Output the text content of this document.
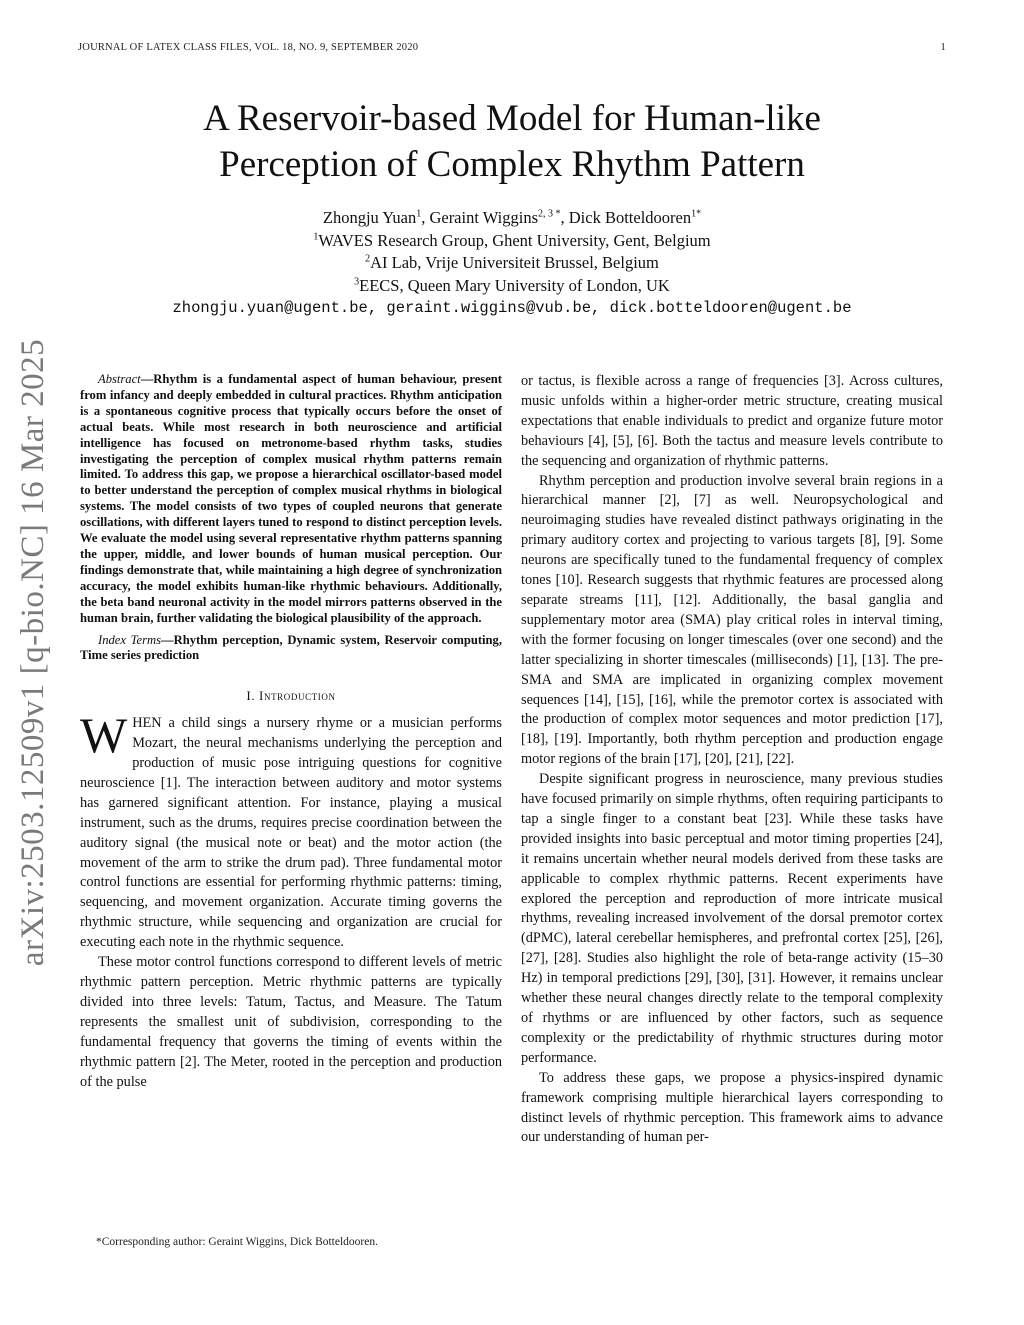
JOURNAL OF LATEX CLASS FILES, VOL. 18, NO. 9, SEPTEMBER 2020	1
arXiv:2503.12509v1 [q-bio.NC] 16 Mar 2025
A Reservoir-based Model for Human-like
Perception of Complex Rhythm Pattern
Zhongju Yuan$^1$, Geraint Wiggins$^{2, 3 *}$, Dick Botteldooren$^{1*}$
$^1$WAVES Research Group, Ghent University, Gent, Belgium
$^2$AI Lab, Vrije Universiteit Brussel, Belgium
$^3$EECS, Queen Mary University of London, UK
zhongju.yuan@ugent.be, geraint.wiggins@vub.be, dick.botteldooren@ugent.be

Abstract—Rhythm is a fundamental aspect of human behaviour, present from infancy and deeply embedded in cultural practices. Rhythm anticipation is a spontaneous cognitive process that typically occurs before the onset of actual beats. While most research in both neuroscience and artificial intelligence has focused on metronome-based rhythm tasks, studies investigating the perception of complex musical rhythm patterns remain limited. To address this gap, we propose a hierarchical oscillator-based model to better understand the perception of complex musical rhythms in biological systems. The model consists of two types of coupled neurons that generate oscillations, with different layers tuned to respond to distinct perception levels. We evaluate the model using several representative rhythm patterns spanning the upper, middle, and lower bounds of human musical perception. Our findings demonstrate that, while maintaining a high degree of synchronization accuracy, the model exhibits human-like rhythmic behaviours. Additionally, the beta band neuronal activity in the model mirrors patterns observed in the human brain, further validating the biological plausibility of the approach.

Index Terms—Rhythm perception, Dynamic system, Reservoir computing, Time series prediction

I. Introduction

WHEN a child sings a nursery rhyme or a musician performs Mozart, the neural mechanisms underlying the perception and production of music pose intriguing questions for cognitive neuroscience [1]. The interaction between auditory and motor systems has garnered significant attention. For instance, playing a musical instrument, such as the drums, requires precise coordination between the auditory signal (the musical note or beat) and the motor action (the movement of the arm to strike the drum pad). Three fundamental motor control functions are essential for performing rhythmic patterns: timing, sequencing, and movement organization. Accurate timing governs the rhythmic structure, while sequencing and organization are crucial for executing each note in the rhythmic sequence.

These motor control functions correspond to different levels of metric rhythmic pattern perception. Metric rhythmic patterns are typically divided into three levels: Tatum, Tactus, and Measure. The Tatum represents the smallest unit of subdivision, corresponding to the fundamental frequency that governs the timing of events within the rhythmic pattern [2]. The Meter, rooted in the perception and production of the pulse

or tactus, is flexible across a range of frequencies [3]. Across cultures, music unfolds within a higher-order metric structure, creating musical expectations that enable individuals to predict and organize future motor behaviours [4], [5], [6]. Both the tactus and measure levels contribute to the sequencing and organization of rhythmic patterns.

Rhythm perception and production involve several brain regions in a hierarchical manner [2], [7] as well. Neuropsychological and neuroimaging studies have revealed distinct pathways originating in the primary auditory cortex and projecting to various targets [8], [9]. Some neurons are specifically tuned to the fundamental frequency of complex tones [10]. Research suggests that rhythmic features are processed along separate streams [11], [12]. Additionally, the basal ganglia and supplementary motor area (SMA) play critical roles in interval timing, with the former focusing on longer timescales (over one second) and the latter specializing in shorter timescales (milliseconds) [1], [13]. The pre-SMA and SMA are implicated in organizing complex movement sequences [14], [15], [16], while the premotor cortex is associated with the production of complex motor sequences and motor prediction [17], [18], [19]. Importantly, both rhythm perception and production engage motor regions of the brain [17], [20], [21], [22].

Despite significant progress in neuroscience, many previous studies have focused primarily on simple rhythms, often requiring participants to tap a single finger to a constant beat [23]. While these tasks have provided insights into basic perceptual and motor timing properties [24], it remains uncertain whether neural models derived from these tasks are applicable to complex rhythmic patterns. Recent experiments have explored the perception and reproduction of more intricate musical rhythms, revealing increased involvement of the dorsal premotor cortex (dPMC), lateral cerebellar hemispheres, and prefrontal cortex [25], [26], [27], [28]. Studies also highlight the role of beta-range activity (15–30 Hz) in temporal predictions [29], [30], [31]. However, it remains unclear whether these neural changes directly relate to the temporal complexity of rhythms or are influenced by other factors, such as sequence complexity or the predictability of rhythmic structures during motor performance.

To address these gaps, we propose a physics-inspired dynamic framework comprising multiple hierarchical layers corresponding to distinct levels of rhythmic perception. This framework aims to advance our understanding of human per-

*Corresponding author: Geraint Wiggins, Dick Botteldooren.
